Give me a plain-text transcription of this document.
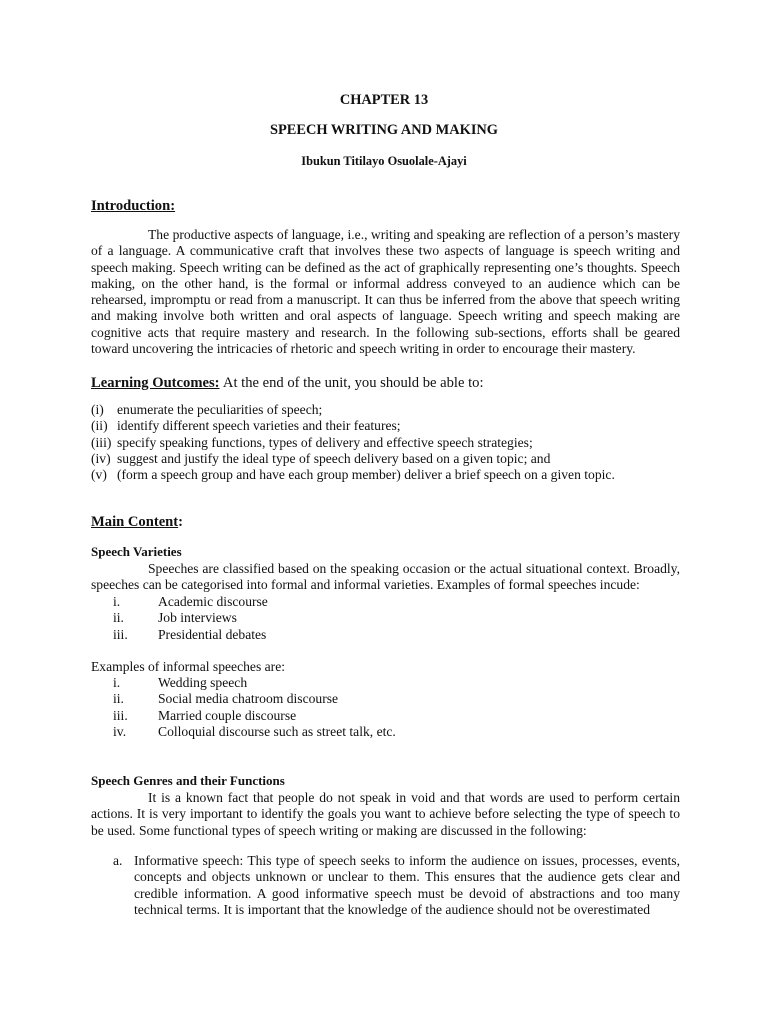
CHAPTER 13
SPEECH WRITING AND MAKING
Ibukun Titilayo Osuolale-Ajayi
Introduction:

The productive aspects of language, i.e., writing and speaking are reflection of a person’s mastery of a language. A communicative craft that involves these two aspects of language is speech writing and speech making. Speech writing can be defined as the act of graphically representing one’s thoughts. Speech making, on the other hand, is the formal or informal address conveyed to an audience which can be rehearsed, impromptu or read from a manuscript. It can thus be inferred from the above that speech writing and making involve both written and oral aspects of language. Speech writing and speech making are cognitive acts that require mastery and research. In the following sub-sections, efforts shall be geared toward uncovering the intricacies of rhetoric and speech writing in order to encourage their mastery.

Learning Outcomes: At the end of the unit, you should be able to:
(i) enumerate the peculiarities of speech;
(ii) identify different speech varieties and their features;
(iii) specify speaking functions, types of delivery and effective speech strategies;
(iv) suggest and justify the ideal type of speech delivery based on a given topic; and
(v) (form a speech group and have each group member) deliver a brief speech on a given topic.
Main Content:
Speech Varieties

Speeches are classified based on the speaking occasion or the actual situational context. Broadly, speeches can be categorised into formal and informal varieties. Examples of formal speeches incude:

i.	Academic discourse
ii.	Job interviews
iii.	Presidential debates

Examples of informal speeches are:

i.	Wedding speech
ii.	Social media chatroom discourse
iii.	Married couple discourse
iv.	Colloquial discourse such as street talk, etc.
Speech Genres and their Functions

It is a known fact that people do not speak in void and that words are used to perform certain actions. It is very important to identify the goals you want to achieve before selecting the type of speech to be used. Some functional types of speech writing or making are discussed in the following:

a. Informative speech: This type of speech seeks to inform the audience on issues, processes, events, concepts and objects unknown or unclear to them. This ensures that the audience gets clear and credible information. A good informative speech must be devoid of abstractions and too many technical terms. It is important that the knowledge of the audience should not be overestimated
